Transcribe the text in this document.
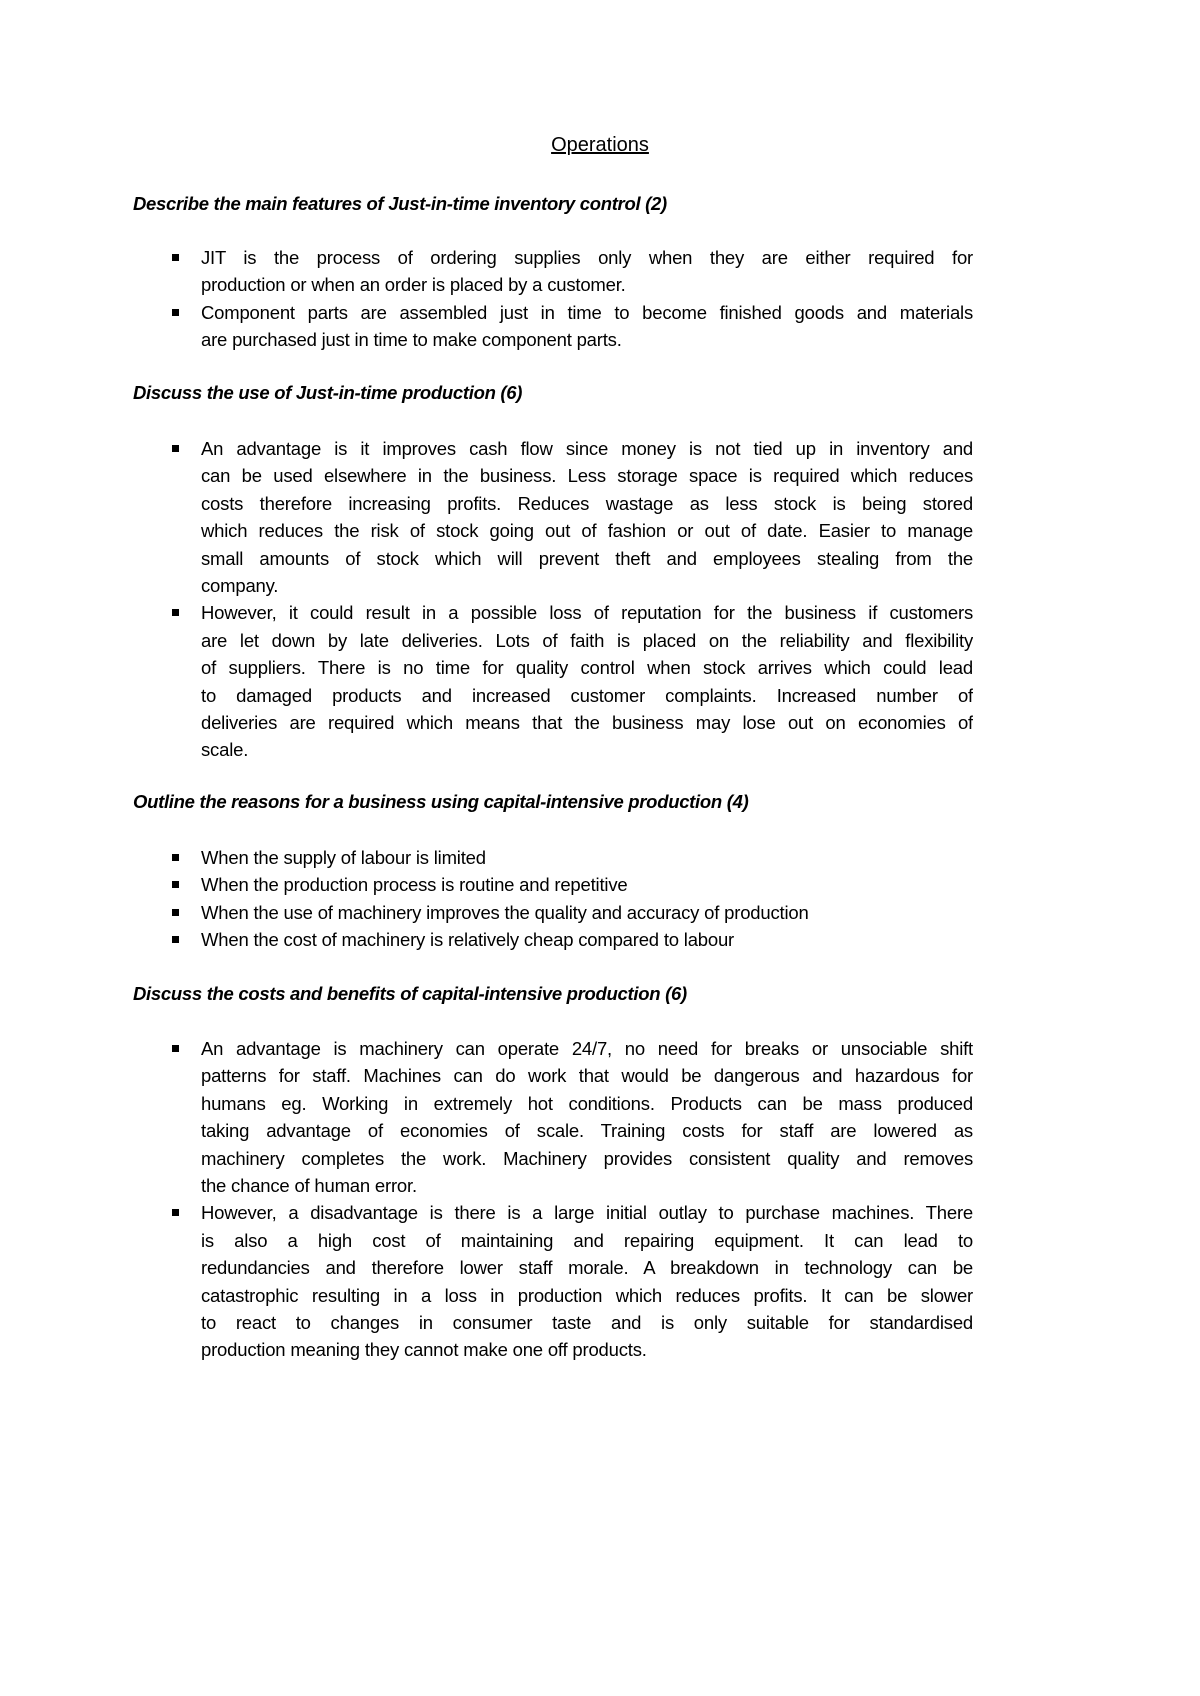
Operations
Describe the main features of Just-in-time inventory control (2)
JIT is the process of ordering supplies only when they are either required for
production or when an order is placed by a customer.
Component parts are assembled just in time to become finished goods and materials
are purchased just in time to make component parts.
Discuss the use of Just-in-time production (6)
An advantage is it improves cash flow since money is not tied up in inventory and
can be used elsewhere in the business. Less storage space is required which reduces
costs therefore increasing profits. Reduces wastage as less stock is being stored
which reduces the risk of stock going out of fashion or out of date. Easier to manage
small amounts of stock which will prevent theft and employees stealing from the
company.
However, it could result in a possible loss of reputation for the business if customers
are let down by late deliveries. Lots of faith is placed on the reliability and flexibility
of suppliers. There is no time for quality control when stock arrives which could lead
to damaged products and increased customer complaints. Increased number of
deliveries are required which means that the business may lose out on economies of
scale.
Outline the reasons for a business using capital-intensive production (4)
When the supply of labour is limited
When the production process is routine and repetitive
When the use of machinery improves the quality and accuracy of production
When the cost of machinery is relatively cheap compared to labour
Discuss the costs and benefits of capital-intensive production (6)
An advantage is machinery can operate 24/7, no need for breaks or unsociable shift
patterns for staff. Machines can do work that would be dangerous and hazardous for
humans eg. Working in extremely hot conditions. Products can be mass produced
taking advantage of economies of scale. Training costs for staff are lowered as
machinery completes the work. Machinery provides consistent quality and removes
the chance of human error.
However, a disadvantage is there is a large initial outlay to purchase machines. There
is also a high cost of maintaining and repairing equipment. It can lead to
redundancies and therefore lower staff morale. A breakdown in technology can be
catastrophic resulting in a loss in production which reduces profits. It can be slower
to react to changes in consumer taste and is only suitable for standardised
production meaning they cannot make one off products.
